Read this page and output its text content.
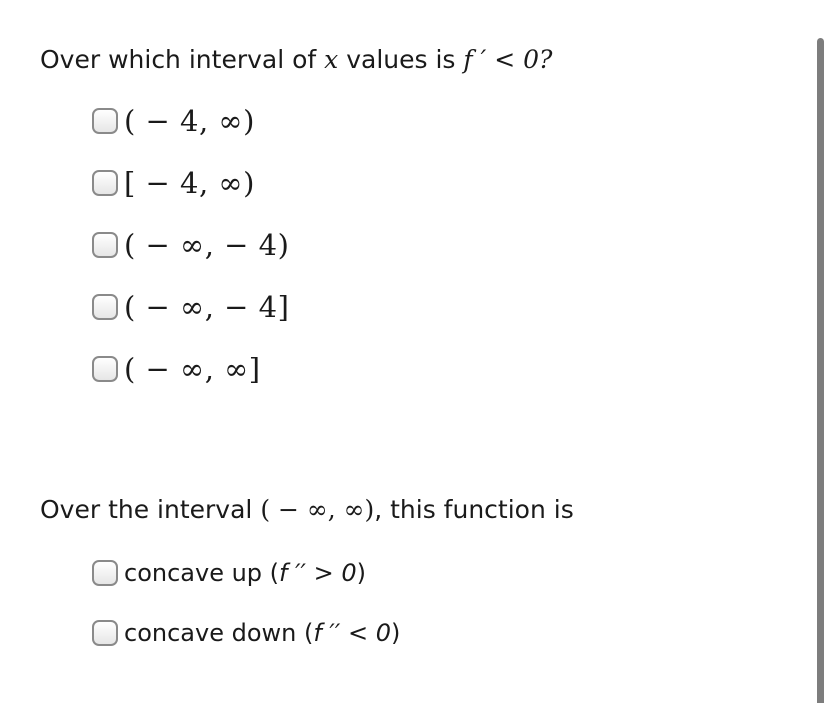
Over which interval of x values is f ′ < 0?
( − 4, ∞)
[ − 4, ∞)
( − ∞, − 4)
( − ∞, − 4]
( − ∞, ∞]
Over the interval ( − ∞, ∞), this function is
concave up ( f ′′ > 0 )
concave down ( f ′′ < 0 )
